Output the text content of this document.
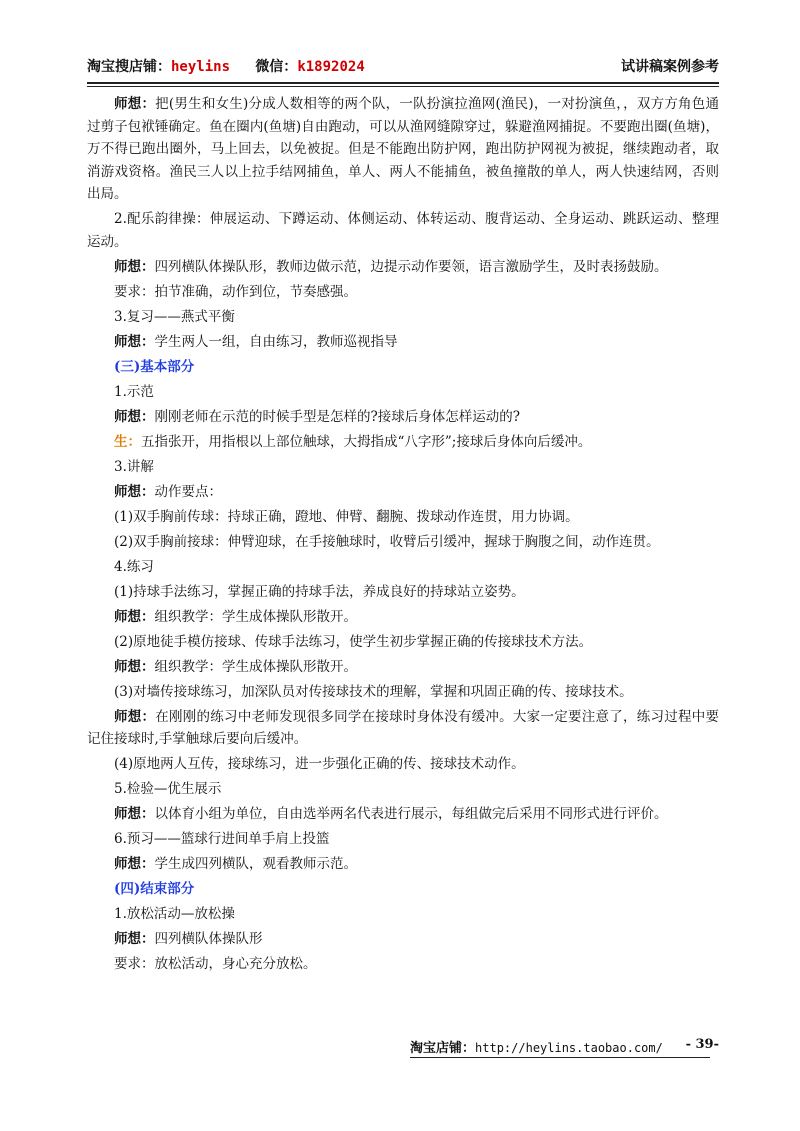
淘宝搜店铺：heylins 微信：k1892024	试讲稿案例参考

师想：把(男生和女生)分成人数相等的两个队，一队扮演拉渔网(渔民)，一对扮演鱼，，双方方角色通过剪子包袱锤确定。鱼在圈内(鱼塘)自由跑动，可以从渔网缝隙穿过，躲避渔网捕捉。不要跑出圈(鱼塘)，万不得已跑出圈外，马上回去，以免被捉。但是不能跑出防护网，跑出防护网视为被捉，继续跑动者，取消游戏资格。渔民三人以上拉手结网捕鱼，单人、两人不能捕鱼，被鱼撞散的单人，两人快速结网，否则出局。

2.配乐韵律操：伸展运动、下蹲运动、体侧运动、体转运动、腹背运动、全身运动、跳跃运动、整理运动。

师想：四列横队体操队形，教师边做示范，边提示动作要领，语言激励学生，及时表扬鼓励。

要求：拍节准确，动作到位，节奏感强。

3.复习——燕式平衡

师想：学生两人一组，自由练习，教师巡视指导

(三)基本部分

1.示范

师想：刚刚老师在示范的时候手型是怎样的?接球后身体怎样运动的?

生：五指张开，用指根以上部位触球，大拇指成“八字形”;接球后身体向后缓冲。

3.讲解

师想：动作要点：

(1)双手胸前传球：持球正确，蹬地、伸臂、翻腕、拨球动作连贯，用力协调。

(2)双手胸前接球：伸臂迎球，在手接触球时，收臂后引缓冲，握球于胸腹之间，动作连贯。

4.练习

(1)持球手法练习，掌握正确的持球手法，养成良好的持球站立姿势。

师想：组织教学：学生成体操队形散开。

(2)原地徒手模仿接球、传球手法练习，使学生初步掌握正确的传接球技术方法。

师想：组织教学：学生成体操队形散开。

(3)对墙传接球练习，加深队员对传接球技术的理解，掌握和巩固正确的传、接球技术。

师想：在刚刚的练习中老师发现很多同学在接球时身体没有缓冲。大家一定要注意了，练习过程中要记住接球时,手掌触球后要向后缓冲。

(4)原地两人互传，接球练习，进一步强化正确的传、接球技术动作。

5.检验—优生展示

师想：以体育小组为单位，自由选举两名代表进行展示，每组做完后采用不同形式进行评价。

6.预习——篮球行进间单手肩上投篮

师想：学生成四列横队，观看教师示范。

(四)结束部分

1.放松活动—放松操

师想：四列横队体操队形

要求：放松活动，身心充分放松。

淘宝店铺：http://heylins.taobao.com/ - 39-
